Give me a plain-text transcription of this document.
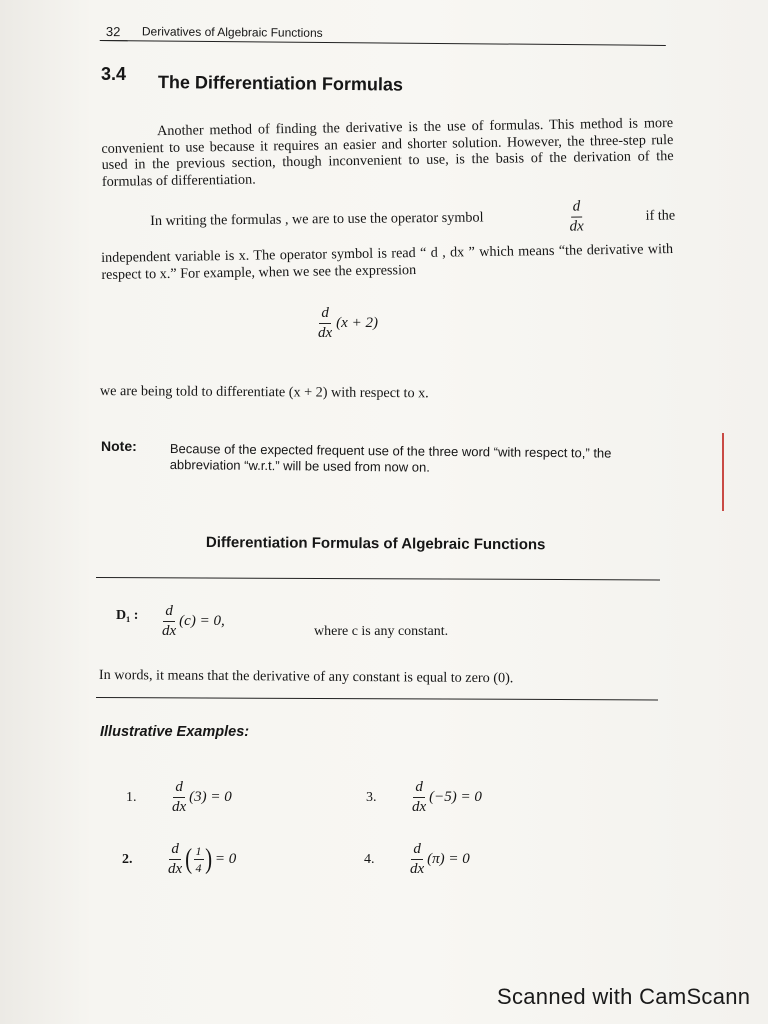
32 Derivatives of Algebraic Functions
3.4 The Differentiation Formulas
Another method of finding the derivative is the use of formulas. This method is more convenient to use because it requires an easier and shorter solution. However, the three-step rule used in the previous section, though inconvenient to use, is the basis of the derivation of the formulas of differentiation.
In writing the formulas , we are to use the operator symbol	$\frac{d}{dx}$	if the
independent variable is x. The operator symbol is read “ d , dx ” which means “the derivative with respect to x.” For example, when we see the expression
$\frac{d}{dx} (x + 2)$
we are being told to differentiate (x + 2) with respect to x.
Note:	Because of the expected frequent use of the three word “with respect to,” the abbreviation “w.r.t.” will be used from now on.
Differentiation Formulas of Algebraic Functions
D₁ : $\frac{d}{dx} (c) = 0$,
where c is any constant.
In words, it means that the derivative of any constant is equal to zero (0).
Illustrative Examples:
1.	$\frac{d}{dx} (3) = 0$
2.	$\frac{d}{dx}$ ( $\frac{1}{4}$ ) = 0
3.	$\frac{d}{dx} (-5) = 0$
4.	$\frac{d}{dx} (\pi) = 0$
Scanned with CamScann
